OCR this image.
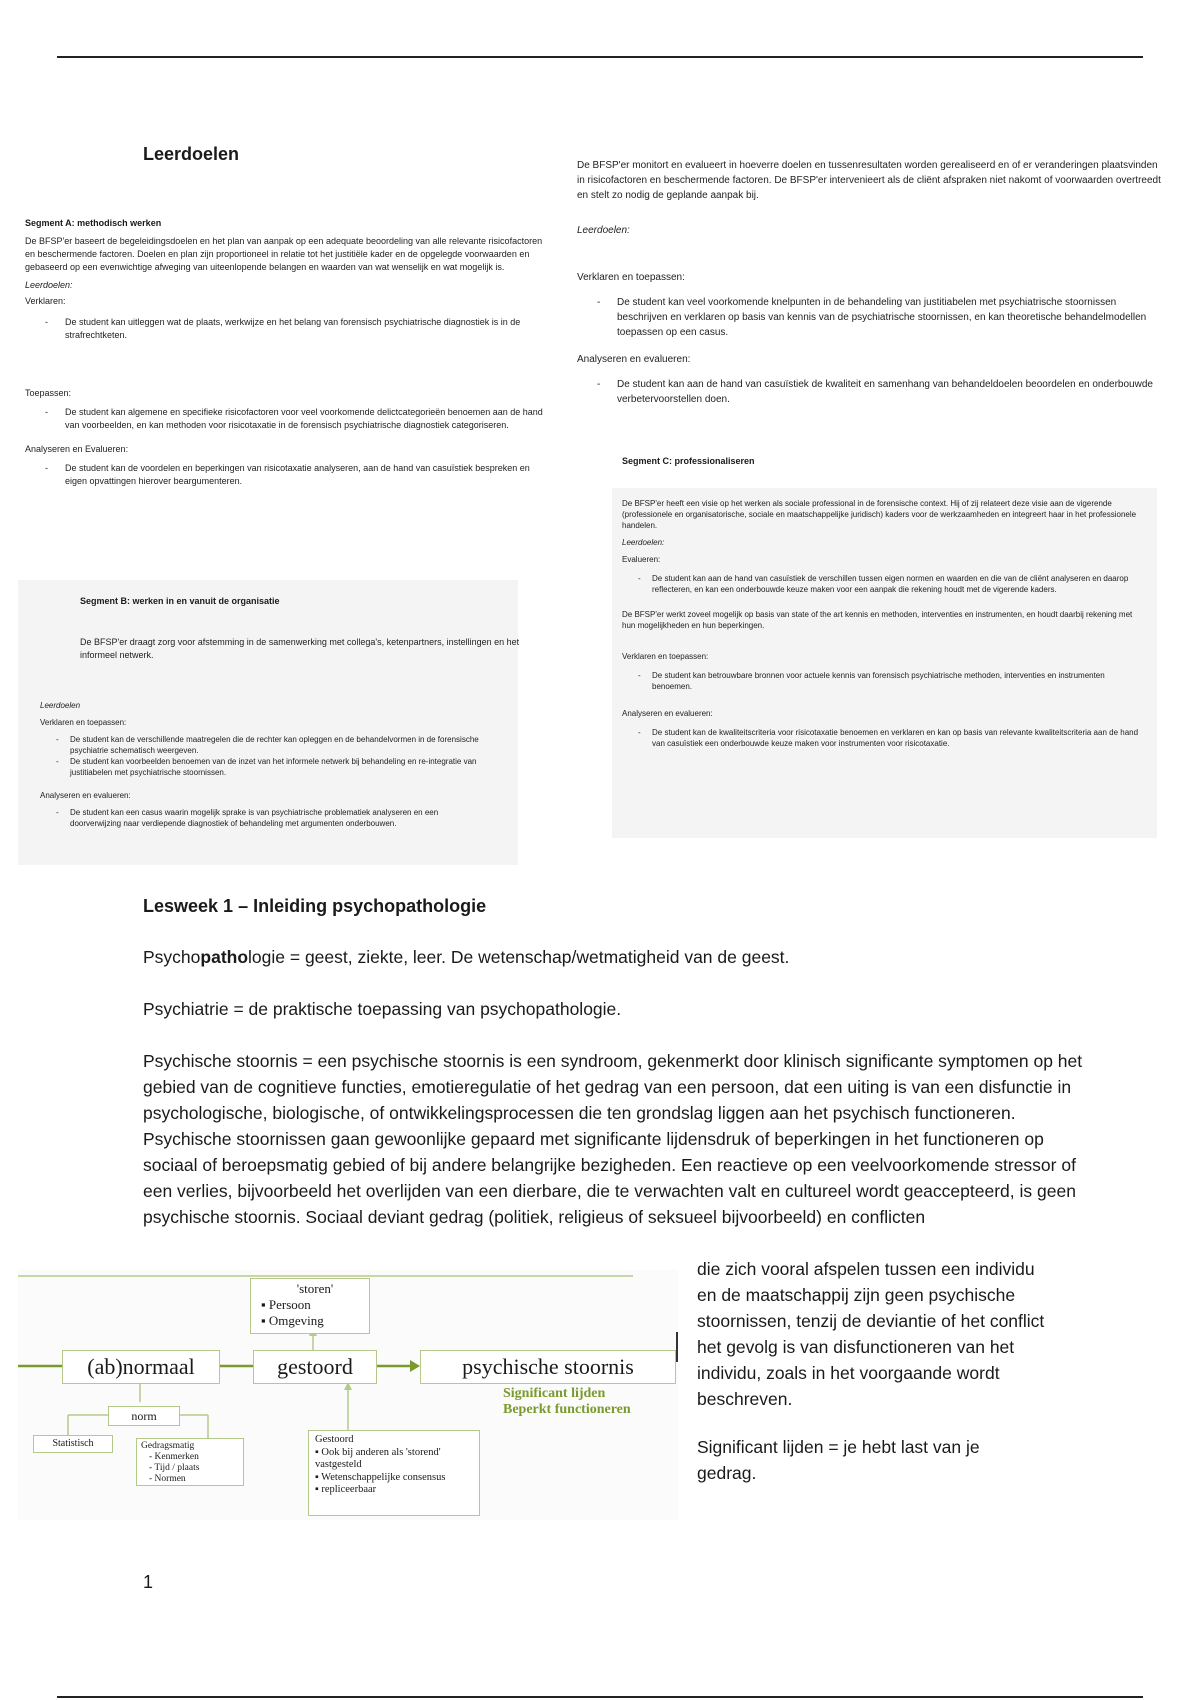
Leerdoelen
Segment A: methodisch werken
De BFSP'er baseert de begeleidingsdoelen en het plan van aanpak op een adequate beoordeling van alle relevante risicofactoren en beschermende factoren. Doelen en plan zijn proportioneel in relatie tot het justitiële kader en de opgelegde voorwaarden en gebaseerd op een evenwichtige afweging van uiteenlopende belangen en waarden van wat wenselijk en wat mogelijk is.
Leerdoelen:
Verklaren:
- De student kan uitleggen wat de plaats, werkwijze en het belang van forensisch psychiatrische diagnostiek is in de strafrechtketen.
Toepassen:
- De student kan algemene en specifieke risicofactoren voor veel voorkomende delictcategorieën benoemen aan de hand van voorbeelden, en kan methoden voor risicotaxatie in de forensisch psychiatrische diagnostiek categoriseren.
Analyseren en Evalueren:
- De student kan de voordelen en beperkingen van risicotaxatie analyseren, aan de hand van casuïstiek bespreken en eigen opvattingen hierover beargumenteren.
Segment B: werken in en vanuit de organisatie
De BFSP'er draagt zorg voor afstemming in de samenwerking met collega's, ketenpartners, instellingen en het informeel netwerk.
Leerdoelen
Verklaren en toepassen:
- De student kan de verschillende maatregelen die de rechter kan opleggen en de behandelvormen in de forensische psychiatrie schematisch weergeven.
- De student kan voorbeelden benoemen van de inzet van het informele netwerk bij behandeling en re-integratie van justitiabelen met psychiatrische stoornissen.
Analyseren en evalueren:
- De student kan een casus waarin mogelijk sprake is van psychiatrische problematiek analyseren en een doorverwijzing naar verdiepende diagnostiek of behandeling met argumenten onderbouwen.
De BFSP'er monitort en evalueert in hoeverre doelen en tussenresultaten worden gerealiseerd en of er veranderingen plaatsvinden in risicofactoren en beschermende factoren. De BFSP'er intervenieert als de cliënt afspraken niet nakomt of voorwaarden overtreedt en stelt zo nodig de geplande aanpak bij.
Leerdoelen:
Verklaren en toepassen:
- De student kan veel voorkomende knelpunten in de behandeling van justitiabelen met psychiatrische stoornissen beschrijven en verklaren op basis van kennis van de psychiatrische stoornissen, en kan theoretische behandelmodellen toepassen op een casus.
Analyseren en evalueren:
- De student kan aan de hand van casuïstiek de kwaliteit en samenhang van behandeldoelen beoordelen en onderbouwde verbetervoorstellen doen.
Segment C: professionaliseren
De BFSP'er heeft een visie op het werken als sociale professional in de forensische context. Hij of zij relateert deze visie aan de vigerende (professionele en organisatorische, sociale en maatschappelijke juridisch) kaders voor de werkzaamheden en integreert haar in het professionele handelen.
Leerdoelen:
Evalueren:
- De student kan aan de hand van casuïstiek de verschillen tussen eigen normen en waarden en die van de cliënt analyseren en daarop reflecteren, en kan een onderbouwde keuze maken voor een aanpak die rekening houdt met de vigerende kaders.
De BFSP'er werkt zoveel mogelijk op basis van state of the art kennis en methoden, interventies en instrumenten, en houdt daarbij rekening met hun mogelijkheden en hun beperkingen.
Verklaren en toepassen:
- De student kan betrouwbare bronnen voor actuele kennis van forensisch psychiatrische methoden, interventies en instrumenten benoemen.
Analyseren en evalueren:
- De student kan de kwaliteitscriteria voor risicotaxatie benoemen en verklaren en kan op basis van relevante kwaliteitscriteria aan de hand van casuïstiek een onderbouwde keuze maken voor instrumenten voor risicotaxatie.
Lesweek 1 – Inleiding psychopathologie

Psychopathologie = geest, ziekte, leer. De wetenschap/wetmatigheid van de geest.

Psychiatrie = de praktische toepassing van psychopathologie.

Psychische stoornis = een psychische stoornis is een syndroom, gekenmerkt door klinisch significante symptomen op het gebied van de cognitieve functies, emotieregulatie of het gedrag van een persoon, dat een uiting is van een disfunctie in psychologische, biologische, of ontwikkelingsprocessen die ten grondslag liggen aan het psychisch functioneren. Psychische stoornissen gaan gewoonlijke gepaard met significante lijdensdruk of beperkingen in het functioneren op sociaal of beroepsmatig gebied of bij andere belangrijke bezigheden. Een reactieve op een veelvoorkomende stressor of een verlies, bijvoorbeeld het overlijden van een dierbare, die te verwachten valt en cultureel wordt geaccepteerd, is geen psychische stoornis. Sociaal deviant gedrag (politiek, religieus of seksueel bijvoorbeeld) en conflicten

die zich vooral afspelen tussen een individu en de maatschappij zijn geen psychische stoornissen, tenzij de deviantie of het conflict het gevolg is van disfunctioneren van het individu, zoals in het voorgaande wordt beschreven.
Significant lijden = je hebt last van je gedrag.
'storen'
▪ Persoon
▪ Omgeving
(ab)normaal	gestoord	psychische stoornis
Significant lijden
Beperkt functioneren
norm
Statistisch	Gedragsmatig
- Kenmerken
- Tijd / plaats
- Normen
Gestoord
▪ Ook bij anderen als 'storend' vastgesteld
▪ Wetenschappelijke consensus
▪ repliceerbaar
1
